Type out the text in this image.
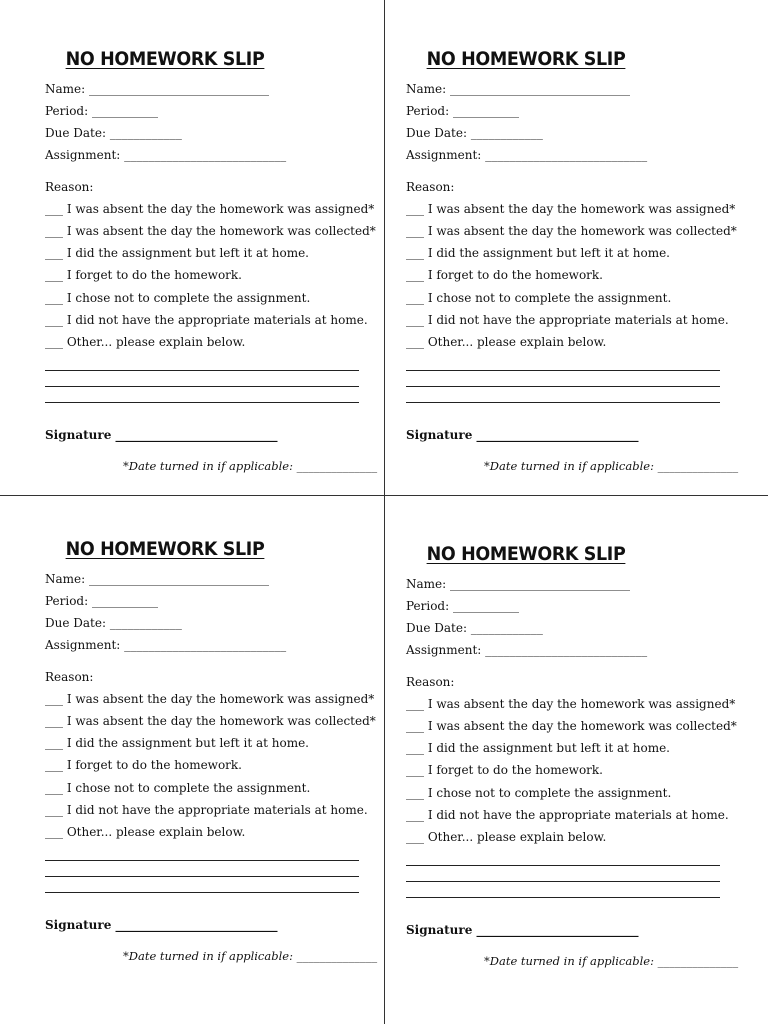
NO HOMEWORK SLIP
Name: ______________________________
Period: ___________
Due Date: ____________
Assignment: ___________________________
Reason:
___ I was absent the day the homework was assigned*
___ I was absent the day the homework was collected*
___ I did the assignment but left it at home.
___ I forget to do the homework.
___ I chose not to complete the assignment.
___ I did not have the appropriate materials at home.
___ Other... please explain below.
Signature ___________________________
*Date turned in if applicable: ______________
NO HOMEWORK SLIP
Name: ______________________________
Period: ___________
Due Date: ____________
Assignment: ___________________________
Reason:
___ I was absent the day the homework was assigned*
___ I was absent the day the homework was collected*
___ I did the assignment but left it at home.
___ I forget to do the homework.
___ I chose not to complete the assignment.
___ I did not have the appropriate materials at home.
___ Other... please explain below.
Signature ___________________________
*Date turned in if applicable: ______________
NO HOMEWORK SLIP
Name: ______________________________
Period: ___________
Due Date: ____________
Assignment: ___________________________
Reason:
___ I was absent the day the homework was assigned*
___ I was absent the day the homework was collected*
___ I did the assignment but left it at home.
___ I forget to do the homework.
___ I chose not to complete the assignment.
___ I did not have the appropriate materials at home.
___ Other... please explain below.
Signature ___________________________
*Date turned in if applicable: ______________
NO HOMEWORK SLIP
Name: ______________________________
Period: ___________
Due Date: ____________
Assignment: ___________________________
Reason:
___ I was absent the day the homework was assigned*
___ I was absent the day the homework was collected*
___ I did the assignment but left it at home.
___ I forget to do the homework.
___ I chose not to complete the assignment.
___ I did not have the appropriate materials at home.
___ Other... please explain below.
Signature ___________________________
*Date turned in if applicable: ______________
